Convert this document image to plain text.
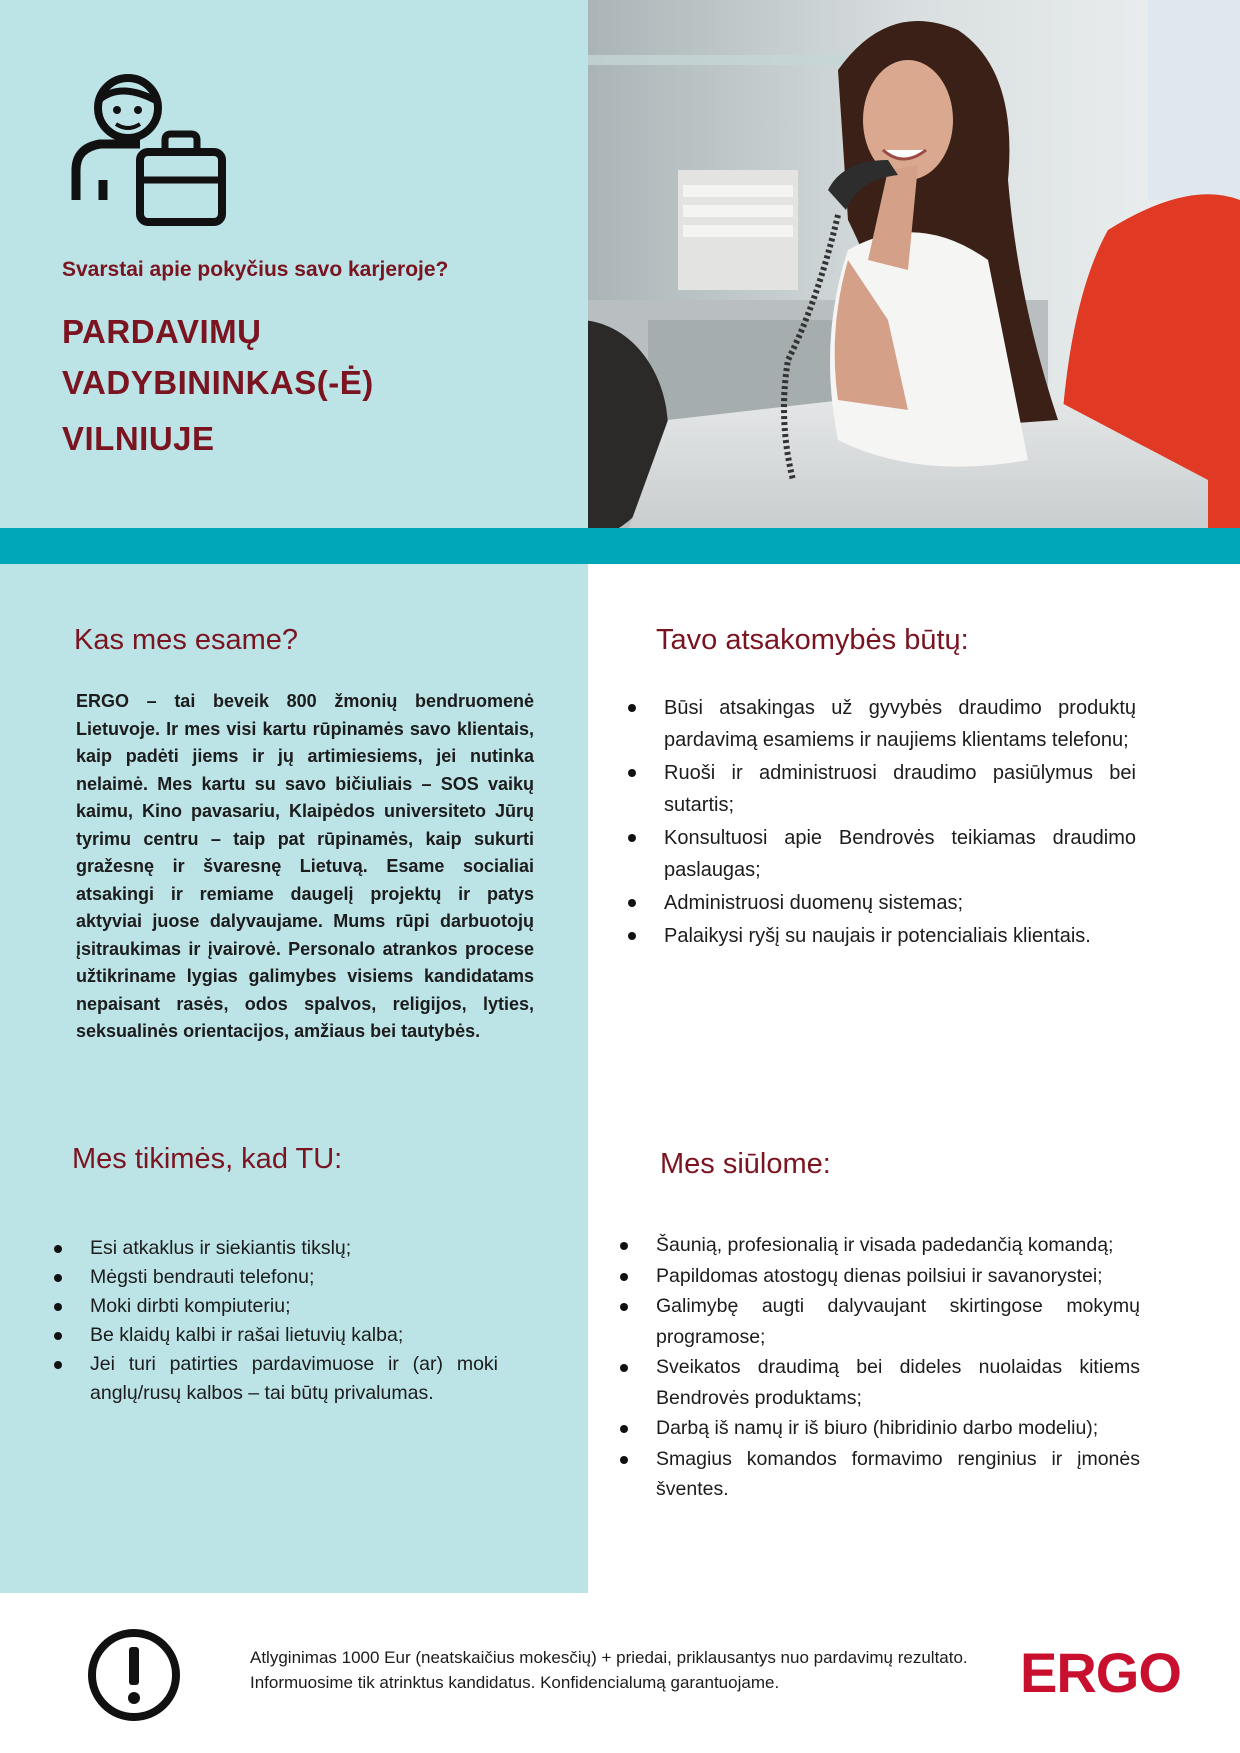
Svarstai apie pokyčius savo karjeroje?
PARDAVIMŲ
VADYBININKAS(-Ė)
VILNIUJE
Kas mes esame?
ERGO – tai beveik 800 žmonių bendruomenė Lietuvoje. Ir mes visi kartu rūpinamės savo klientais, kaip padėti jiems ir jų artimiesiems, jei nutinka nelaimė. Mes kartu su savo bičiuliais – SOS vaikų kaimu, Kino pavasariu, Klaipėdos universiteto Jūrų tyrimu centru – taip pat rūpinamės, kaip sukurti gražesnę ir švaresnę Lietuvą. Esame socialiai atsakingi ir remiame daugelį projektų ir patys aktyviai juose dalyvaujame. Mums rūpi darbuotojų įsitraukimas ir įvairovė. Personalo atrankos procese užtikriname lygias galimybes visiems kandidatams nepaisant rasės, odos spalvos, religijos, lyties, seksualinės orientacijos, amžiaus bei tautybės.
Tavo atsakomybės būtų:
Būsi atsakingas už gyvybės draudimo produktų pardavimą esamiems ir naujiems klientams telefonu;
Ruoši ir administruosi draudimo pasiūlymus bei sutartis;
Konsultuosi apie Bendrovės teikiamas draudimo paslaugas;
Administruosi duomenų sistemas;
Palaikysi ryšį su naujais ir potencialiais klientais.
Mes tikimės, kad TU:
Esi atkaklus ir siekiantis tikslų;
Mėgsti bendrauti telefonu;
Moki dirbti kompiuteriu;
Be klaidų kalbi ir rašai lietuvių kalba;
Jei turi patirties pardavimuose ir (ar) moki anglų/rusų kalbos – tai būtų privalumas.
Mes siūlome:
Šaunią, profesionalią ir visada padedančią komandą;
Papildomas atostogų dienas poilsiui ir savanorystei;
Galimybę augti dalyvaujant skirtingose mokymų programose;
Sveikatos draudimą bei dideles nuolaidas kitiems Bendrovės produktams;
Darbą iš namų ir iš biuro (hibridinio darbo modeliu);
Smagius komandos formavimo renginius ir įmonės šventes.
Atlyginimas 1000 Eur (neatskaičius mokesčių) + priedai, priklausantys nuo pardavimų rezultato.
Informuosime tik atrinktus kandidatus. Konfidencialumą garantuojame.	ERGO
